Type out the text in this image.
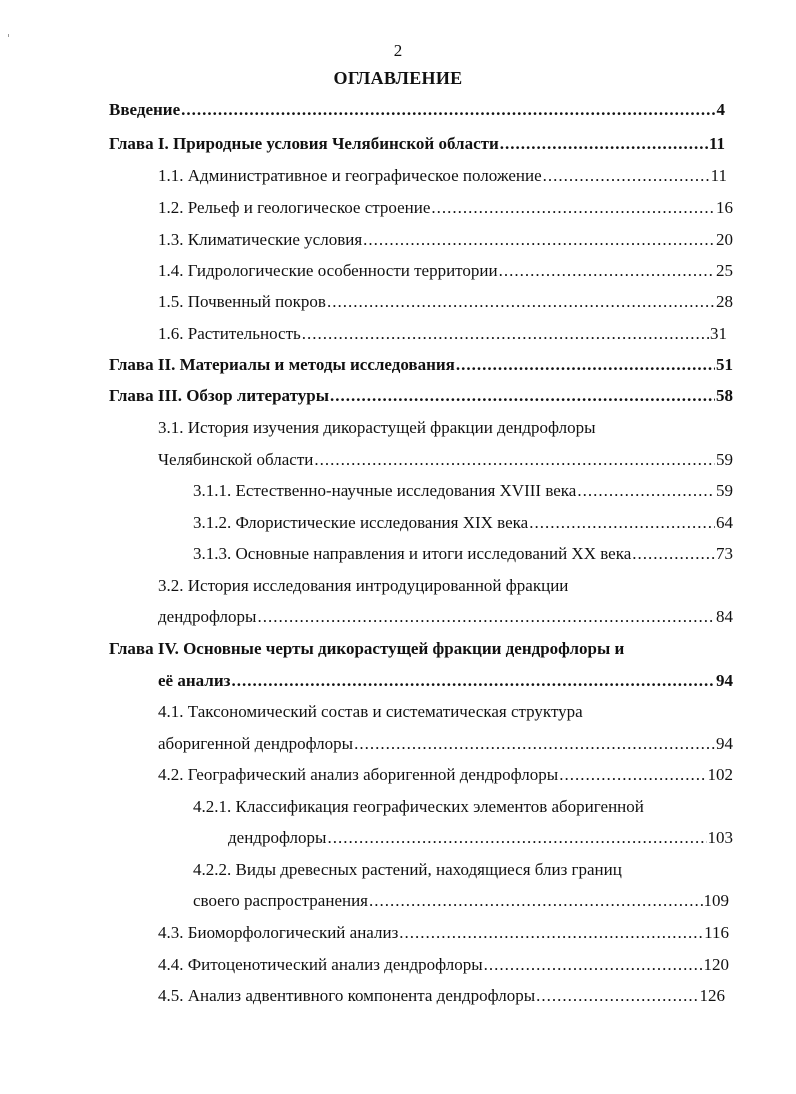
2
ОГЛАВЛЕНИЕ
Введение .....	4
Глава I. Природные условия Челябинской области .....	11
1.1. Административное и географическое положение .....	11
1.2. Рельеф и геологическое строение .....	16
1.3. Климатические условия .....	20
1.4. Гидрологические особенности территории .....	25
1.5. Почвенный покров .....	28
1.6. Растительность .....	31
Глава II. Материалы и методы исследования .....	51
Глава III. Обзор литературы .....	58
3.1. История изучения дикорастущей фракции дендрофлоры
Челябинской области .....	59
3.1.1. Естественно-научные исследования XVIII века .....	59
3.1.2. Флористические исследования XIX века .....	64
3.1.3. Основные направления и итоги исследований XX века .....	73
3.2. История исследования интродуцированной фракции
дендрофлоры .....	84
Глава IV. Основные черты дикорастущей фракции дендрофлоры и
её анализ .....	94
4.1. Таксономический состав и систематическая структура
аборигенной дендрофлоры .....	94
4.2. Географический анализ аборигенной дендрофлоры .....	102
4.2.1. Классификация географических элементов аборигенной
дендрофлоры .....	103
4.2.2. Виды древесных растений, находящиеся близ границ
своего распространения .....	109
4.3. Биоморфологический анализ .....	116
4.4. Фитоценотический анализ дендрофлоры .....	120
4.5. Анализ адвентивного компонента дендрофлоры .....	126
